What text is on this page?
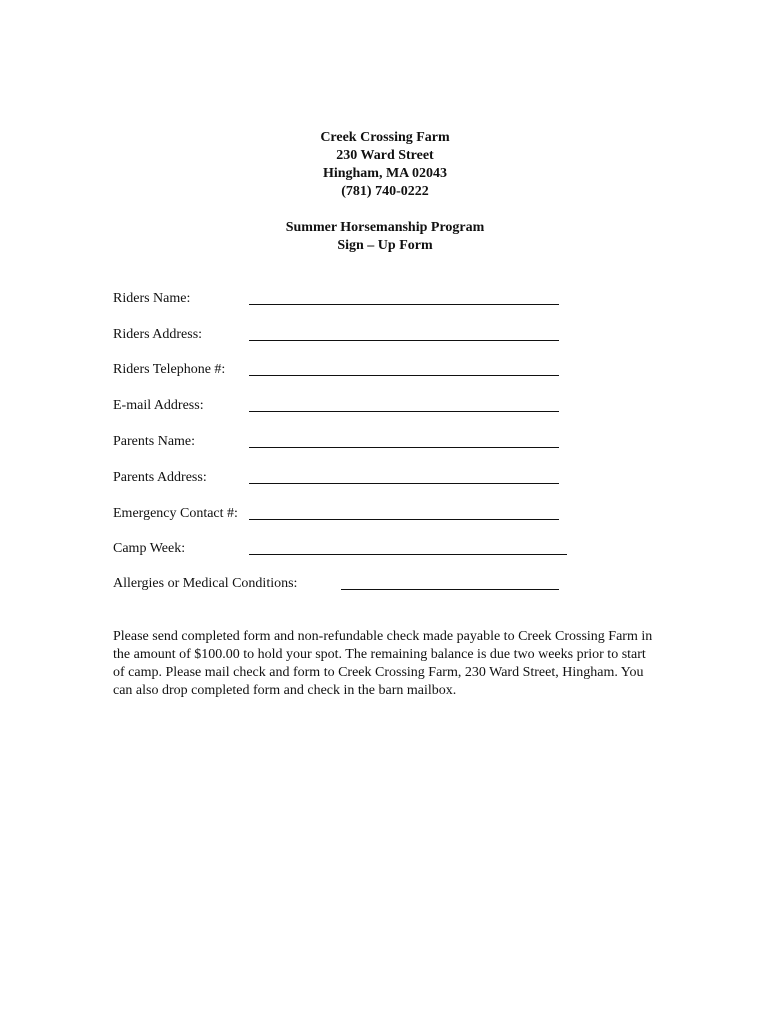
Creek Crossing Farm
230 Ward Street
Hingham, MA 02043
(781) 740-0222
Summer Horsemanship Program
Sign – Up Form
Riders Name:
Riders Address:
Riders Telephone #:
E-mail Address:
Parents Name:
Parents Address:
Emergency Contact #:
Camp Week:
Allergies or Medical Conditions:
Please send completed form and non-refundable check made payable to Creek Crossing Farm in the amount of $100.00 to hold your spot. The remaining balance is due two weeks prior to start of camp. Please mail check and form to Creek Crossing Farm, 230 Ward Street, Hingham. You can also drop completed form and check in the barn mailbox.
